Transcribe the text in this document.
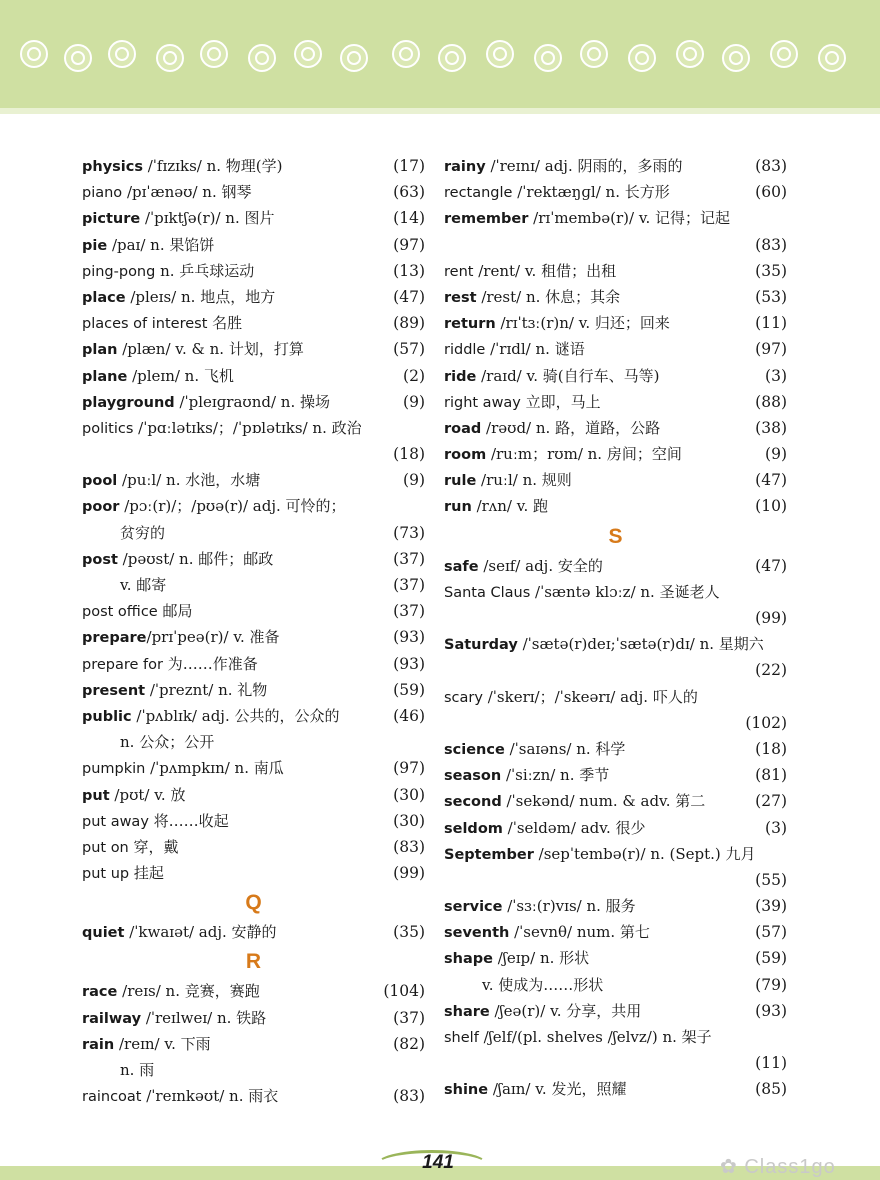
physics /ˈfɪzɪks/ n. 物理(学)	(17)
piano /pɪˈænəʊ/ n. 钢琴	(63)
picture /ˈpɪktʃə(r)/ n. 图片	(14)
pie /paɪ/ n. 果馅饼	(97)
ping-pong n. 乒乓球运动	(13)
place /pleɪs/ n. 地点，地方	(47)
places of interest 名胜	(89)
plan /plæn/ v. & n. 计划，打算	(57)
plane /pleɪn/ n. 飞机	(2)
playground /ˈpleɪɡraʊnd/ n. 操场	(9)
politics /ˈpɑːlətɪks/；/ˈpɒlətɪks/ n. 政治
(18)
pool /puːl/ n. 水池，水塘	(9)
poor /pɔː(r)/；/pʊə(r)/ adj. 可怜的；
贫穷的	(73)
post /pəʊst/ n. 邮件；邮政	(37)
v. 邮寄	(37)
post office 邮局	(37)
prepare/prɪˈpeə(r)/ v. 准备	(93)
prepare for 为……作准备	(93)
present /ˈpreznt/ n. 礼物	(59)
public /ˈpʌblɪk/ adj. 公共的，公众的	(46)
n. 公众；公开
pumpkin /ˈpʌmpkɪn/ n. 南瓜	(97)
put /pʊt/ v. 放	(30)
put away 将……收起	(30)
put on 穿，戴	(83)
put up 挂起	(99)
Q
quiet /ˈkwaɪət/ adj. 安静的	(35)
R
race /reɪs/ n. 竞赛，赛跑	(104)
railway /ˈreɪlweɪ/ n. 铁路	(37)
rain /reɪn/ v. 下雨	(82)
n. 雨
raincoat /ˈreɪnkəʊt/ n. 雨衣	(83)
rainy /ˈreɪnɪ/ adj. 阴雨的，多雨的	(83)
rectangle /ˈrektæŋɡl/ n. 长方形	(60)
remember /rɪˈmembə(r)/ v. 记得；记起
(83)
rent /rent/ v. 租借；出租	(35)
rest /rest/ n. 休息；其余	(53)
return /rɪˈtɜː(r)n/ v. 归还；回来	(11)
riddle /ˈrɪdl/ n. 谜语	(97)
ride /raɪd/ v. 骑(自行车、马等)	(3)
right away 立即，马上	(88)
road /rəʊd/ n. 路，道路，公路	(38)
room /ruːm；rʊm/ n. 房间；空间	(9)
rule /ruːl/ n. 规则	(47)
run /rʌn/ v. 跑	(10)
S
safe /seɪf/ adj. 安全的	(47)
Santa Claus /ˈsæntə klɔːz/ n. 圣诞老人
(99)
Saturday /ˈsætə(r)deɪ;ˈsætə(r)dɪ/ n. 星期六
(22)
scary /ˈskerɪ/；/ˈskeərɪ/ adj. 吓人的
(102)
science /ˈsaɪəns/ n. 科学	(18)
season /ˈsiːzn/ n. 季节	(81)
second /ˈsekənd/ num. & adv. 第二	(27)
seldom /ˈseldəm/ adv. 很少	(3)
September /sepˈtembə(r)/ n. (Sept.) 九月
(55)
service /ˈsɜː(r)vɪs/ n. 服务	(39)
seventh /ˈsevnθ/ num. 第七	(57)
shape /ʃeɪp/ n. 形状	(59)
v. 使成为……形状	(79)
share /ʃeə(r)/ v. 分享，共用	(93)
shelf /ʃelf/(pl. shelves /ʃelvz/) n. 架子
(11)
shine /ʃaɪn/ v. 发光，照耀	(85)
141	✿ Class1go
